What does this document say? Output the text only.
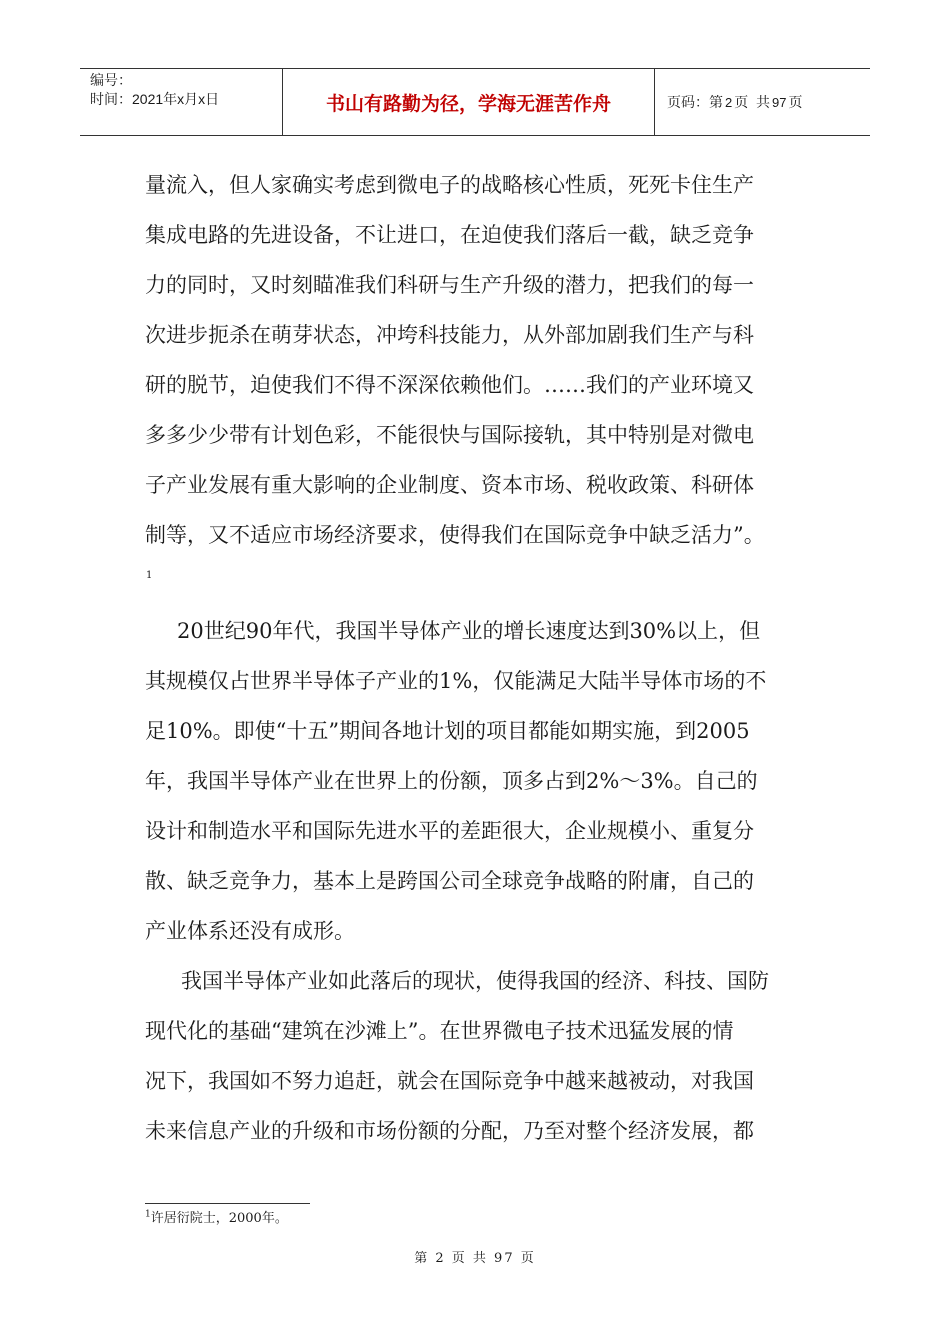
编号：
时间：2021年x月x日	书山有路勤为径，学海无涯苦作舟	页码：第 2 页  共 97 页
量流入，但人家确实考虑到微电子的战略核心性质，死死卡住生产
集成电路的先进设备，不让进口，在迫使我们落后一截，缺乏竞争
力的同时，又时刻瞄准我们科研与生产升级的潜力，把我们的每一
次进步扼杀在萌芽状态，冲垮科技能力，从外部加剧我们生产与科
研的脱节，迫使我们不得不深深依赖他们。……我们的产业环境又
多多少少带有计划色彩，不能很快与国际接轨，其中特别是对微电
子产业发展有重大影响的企业制度、资本市场、税收政策、科研体
制等，又不适应市场经济要求，使得我们在国际竞争中缺乏活力”。
1
20世纪90年代，我国半导体产业的增长速度达到30%以上，但
其规模仅占世界半导体子产业的1%，仅能满足大陆半导体市场的不
足10%。即使“十五”期间各地计划的项目都能如期实施，到2005
年，我国半导体产业在世界上的份额，顶多占到2%～3%。自己的
设计和制造水平和国际先进水平的差距很大，企业规模小、重复分
散、缺乏竞争力，基本上是跨国公司全球竞争战略的附庸，自己的
产业体系还没有成形。
我国半导体产业如此落后的现状，使得我国的经济、科技、国防
现代化的基础“建筑在沙滩上”。在世界微电子技术迅猛发展的情
况下，我国如不努力追赶，就会在国际竞争中越来越被动，对我国
未来信息产业的升级和市场份额的分配，乃至对整个经济发展，都
$^1$许居衍院士，2000年。
第 2 页 共 97 页
